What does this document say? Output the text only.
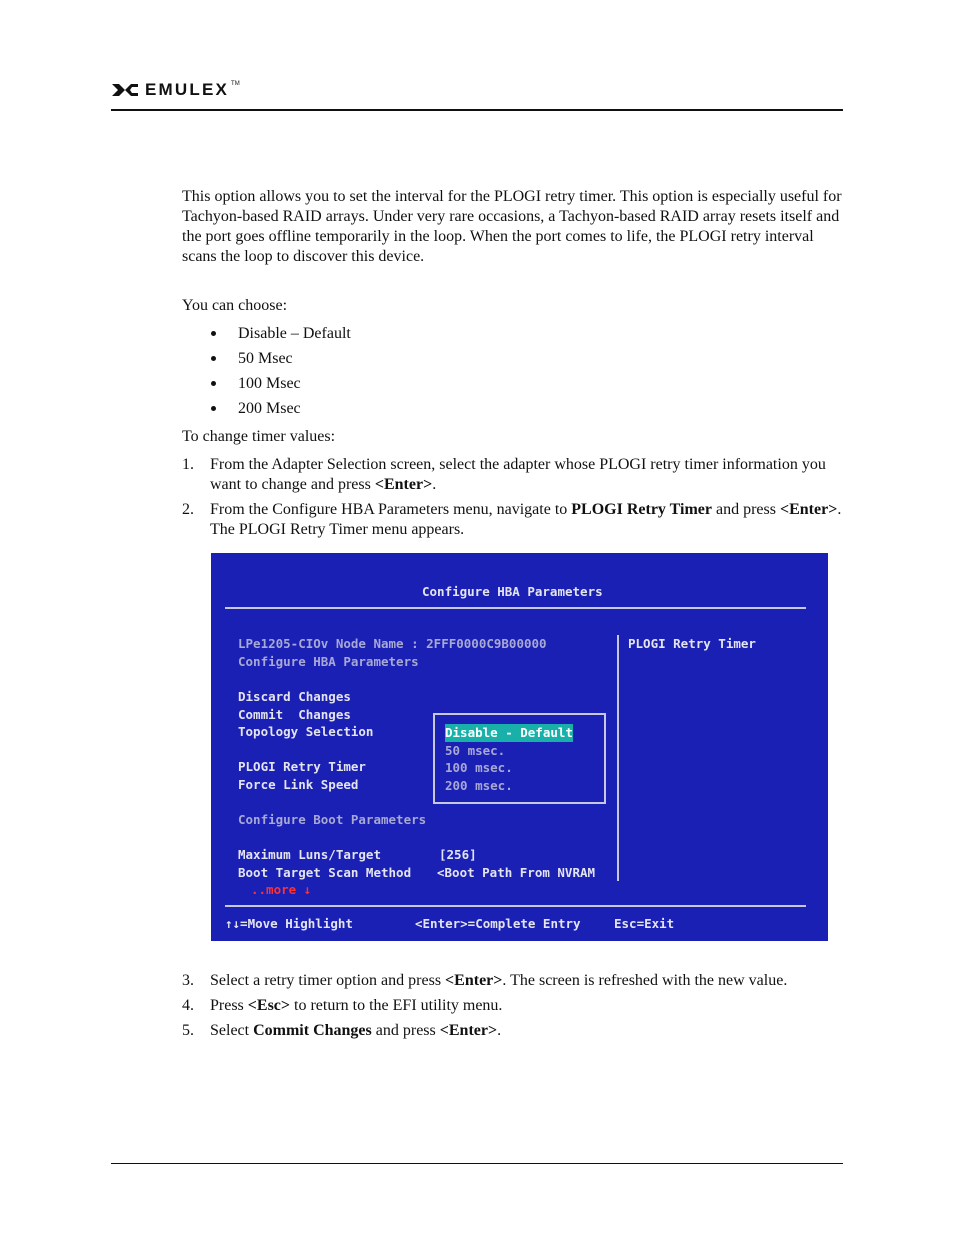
EMULEX TM

This option allows you to set the interval for the PLOGI retry timer. This option is especially useful for Tachyon-based RAID arrays. Under very rare occasions, a Tachyon-based RAID array resets itself and the port goes offline temporarily in the loop. When the port comes to life, the PLOGI retry interval scans the loop to discover this device.

You can choose:

Disable – Default
50 Msec
100 Msec
200 Msec

To change timer values:

1. From the Adapter Selection screen, select the adapter whose PLOGI retry timer information you want to change and press <Enter>.
2. From the Configure HBA Parameters menu, navigate to PLOGI Retry Timer and press <Enter>. The PLOGI Retry Timer menu appears.
Configure HBA Parameters
LPe1205-CIOv Node Name : 2FFF0000C9B00000
Configure HBA Parameters
Discard Changes
Commit  Changes
Topology Selection
PLOGI Retry Timer
Force Link Speed
Configure Boot Parameters
Maximum Luns/Target	[256]
Boot Target Scan Method <Boot Path From NVRAM
..more ↓
Disable - Default
50 msec.
100 msec.
200 msec.
PLOGI Retry Timer
↑↓=Move Highlight	<Enter>=Complete Entry	Esc=Exit
3. Select a retry timer option and press <Enter>. The screen is refreshed with the new value.
4. Press <Esc> to return to the EFI utility menu.
5. Select Commit Changes and press <Enter>.
